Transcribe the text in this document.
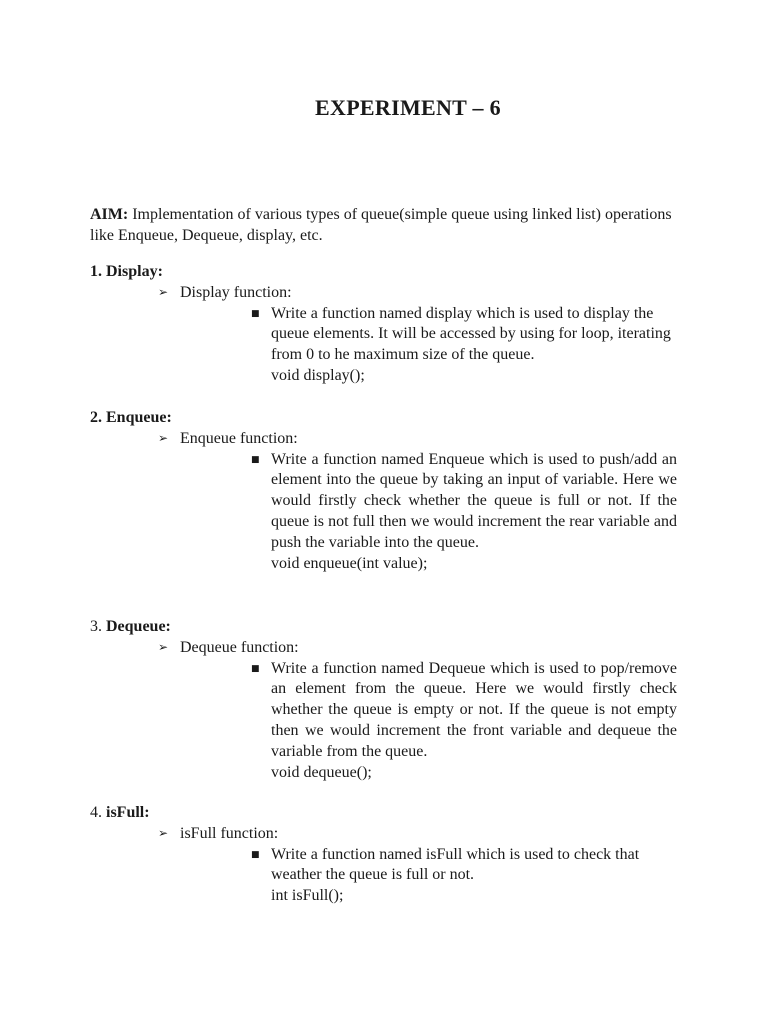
EXPERIMENT – 6
AIM: Implementation of various types of queue(simple queue using linked list) operations like Enqueue, Dequeue, display, etc.
1. Display:
➢ Display function:
■ Write a function named display which is used to display the queue elements. It will be accessed by using for loop, iterating from 0 to he maximum size of the queue.
void display();
2. Enqueue:
➢ Enqueue function:
■ Write a function named Enqueue which is used to push/add an element into the queue by taking an input of variable. Here we would firstly check whether the queue is full or not. If the queue is not full then we would increment the rear variable and push the variable into the queue.
void enqueue(int value);
3. Dequeue:
➢ Dequeue function:
■ Write a function named Dequeue which is used to pop/remove an element from the queue. Here we would firstly check whether the queue is empty or not. If the queue is not empty then we would increment the front variable and dequeue the variable from the queue.
void dequeue();
4. isFull:
➢ isFull function:
■ Write a function named isFull which is used to check that weather the queue is full or not.
int isFull();
